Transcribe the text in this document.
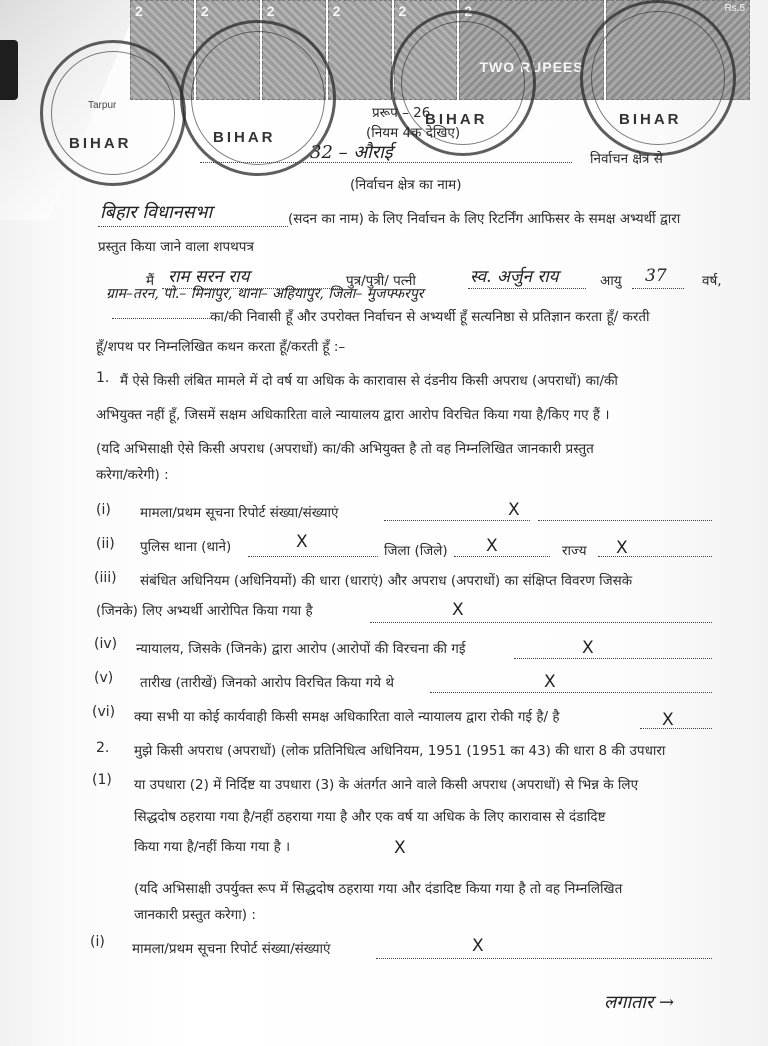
2	2	2	2	2	2
TWO RUPEES
Rs.5
BIHAR	BIHAR
BIHAR	BIHAR
Tarpur	प्ररूप – 26
(नियम 4क देखिए)
32 – औराई	निर्वाचन क्षेत्र से
(निर्वाचन क्षेत्र का नाम)
बिहार विधानसभा	(सदन का नाम) के लिए निर्वाचन के लिए रिटर्निंग आफिसर के समक्ष अभ्यर्थी द्वारा
प्रस्तुत किया जाने वाला शपथपत्र
मैं राम सरन राय	पुत्र/पुत्री/ पत्नी	स्व. अर्जुन राय	आयु 37	वर्ष,
ग्राम–तरन, पो.– मिनापुर, थाना– अहियापुर, जिला– मुजफ्फरपुर
का/की निवासी हूँ और उपरोक्त निर्वाचन से अभ्यर्थी हूँ सत्यनिष्ठा से प्रतिज्ञान करता हूँ/ करती
हूँ/शपथ पर निम्नलिखित कथन करता हूँ/करती हूँ :–
1. मैं ऐसे किसी लंबित मामले में दो वर्ष या अधिक के कारावास से दंडनीय किसी अपराध (अपराधों) का/की
अभियुक्त नहीं हूँ, जिसमें सक्षम अधिकारिता वाले न्यायालय द्वारा आरोप विरचित किया गया है/किए गए हैं ।
(यदि अभिसाक्षी ऐसे किसी अपराध (अपराधों) का/की अभियुक्त है तो वह निम्नलिखित जानकारी प्रस्तुत
करेगा/करेगी) :
(i) मामला/प्रथम सूचना रिपोर्ट संख्या/संख्याएं	X
(ii) पुलिस थाना (थाने)	X	जिला (जिले) X	राज्य X
(iii) संबंधित अधिनियम (अधिनियमों) की धारा (धाराएं) और अपराध (अपराधों) का संक्षिप्त विवरण जिसके
(जिनके) लिए अभ्यर्थी आरोपित किया गया है	X
(iv) न्यायालय, जिसके (जिनके) द्वारा आरोप (आरोपों की विरचना की गई	X
(v) तारीख (तारीखें) जिनको आरोप विरचित किया गये थे	X
(vi) क्या सभी या कोई कार्यवाही किसी समक्ष अधिकारिता वाले न्यायालय द्वारा रोकी गई है/ है	X
2. मुझे किसी अपराध (अपराधों) (लोक प्रतिनिधित्व अधिनियम, 1951 (1951 का 43) की धारा 8 की उपधारा
(1) या उपधारा (2) में निर्दिष्ट या उपधारा (3) के अंतर्गत आने वाले किसी अपराध (अपराधों) से भिन्न के लिए
सिद्धदोष ठहराया गया है/नहीं ठहराया गया है और एक वर्ष या अधिक के लिए कारावास से दंडादिष्ट
किया गया है/नहीं किया गया है ।	X
(यदि अभिसाक्षी उपर्युक्त रूप में सिद्धदोष ठहराया गया और दंडादिष्ट किया गया है तो वह निम्नलिखित
जानकारी प्रस्तुत करेगा) :
(i) मामला/प्रथम सूचना रिपोर्ट संख्या/संख्याएं	X
लगातार →
